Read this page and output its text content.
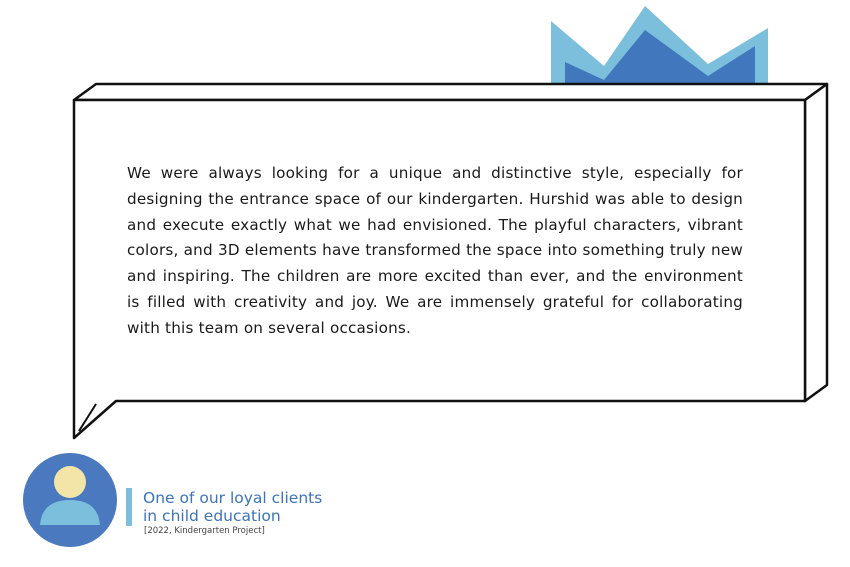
We were always looking for a unique and distinctive style, especially for designing the entrance space of our kindergarten. Hurshid was able to design and execute exactly what we had envisioned. The playful characters, vibrant colors, and 3D elements have transformed the space into something truly new and inspiring. The children are more excited than ever, and the environment is filled with creativity and joy. We are immensely grateful for collaborating with this team on several occasions.

One of our loyal clients
in child education

[2022, Kindergarten Project]
